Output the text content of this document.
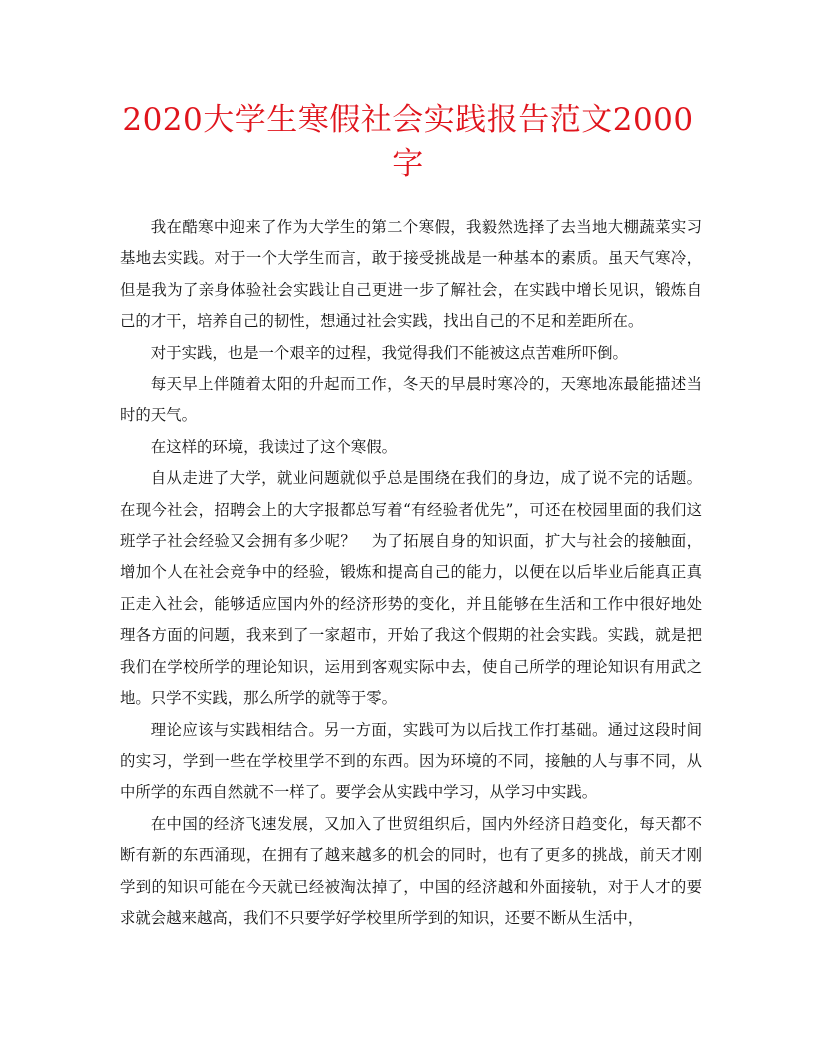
2020大学生寒假社会实践报告范文2000字

我在酷寒中迎来了作为大学生的第二个寒假，我毅然选择了去当地大棚蔬菜实习基地去实践。对于一个大学生而言，敢于接受挑战是一种基本的素质。虽天气寒冷，但是我为了亲身体验社会实践让自己更进一步了解社会，在实践中增长见识，锻炼自己的才干，培养自己的韧性，想通过社会实践，找出自己的不足和差距所在。

对于实践，也是一个艰辛的过程，我觉得我们不能被这点苦难所吓倒。

每天早上伴随着太阳的升起而工作，冬天的早晨时寒冷的，天寒地冻最能描述当时的天气。

在这样的环境，我读过了这个寒假。

自从走进了大学，就业问题就似乎总是围绕在我们的身边，成了说不完的话题。在现今社会，招聘会上的大字报都总写着“有经验者优先”，可还在校园里面的我们这班学子社会经验又会拥有多少呢？　为了拓展自身的知识面，扩大与社会的接触面，增加个人在社会竞争中的经验，锻炼和提高自己的能力，以便在以后毕业后能真正真正走入社会，能够适应国内外的经济形势的变化，并且能够在生活和工作中很好地处理各方面的问题，我来到了一家超市，开始了我这个假期的社会实践。实践，就是把我们在学校所学的理论知识，运用到客观实际中去，使自己所学的理论知识有用武之地。只学不实践，那么所学的就等于零。

理论应该与实践相结合。另一方面，实践可为以后找工作打基础。通过这段时间的实习，学到一些在学校里学不到的东西。因为环境的不同，接触的人与事不同，从中所学的东西自然就不一样了。要学会从实践中学习，从学习中实践。

在中国的经济飞速发展，又加入了世贸组织后，国内外经济日趋变化，每天都不断有新的东西涌现，在拥有了越来越多的机会的同时，也有了更多的挑战，前天才刚学到的知识可能在今天就已经被淘汰掉了，中国的经济越和外面接轨，对于人才的要求就会越来越高，我们不只要学好学校里所学到的知识，还要不断从生活中，
